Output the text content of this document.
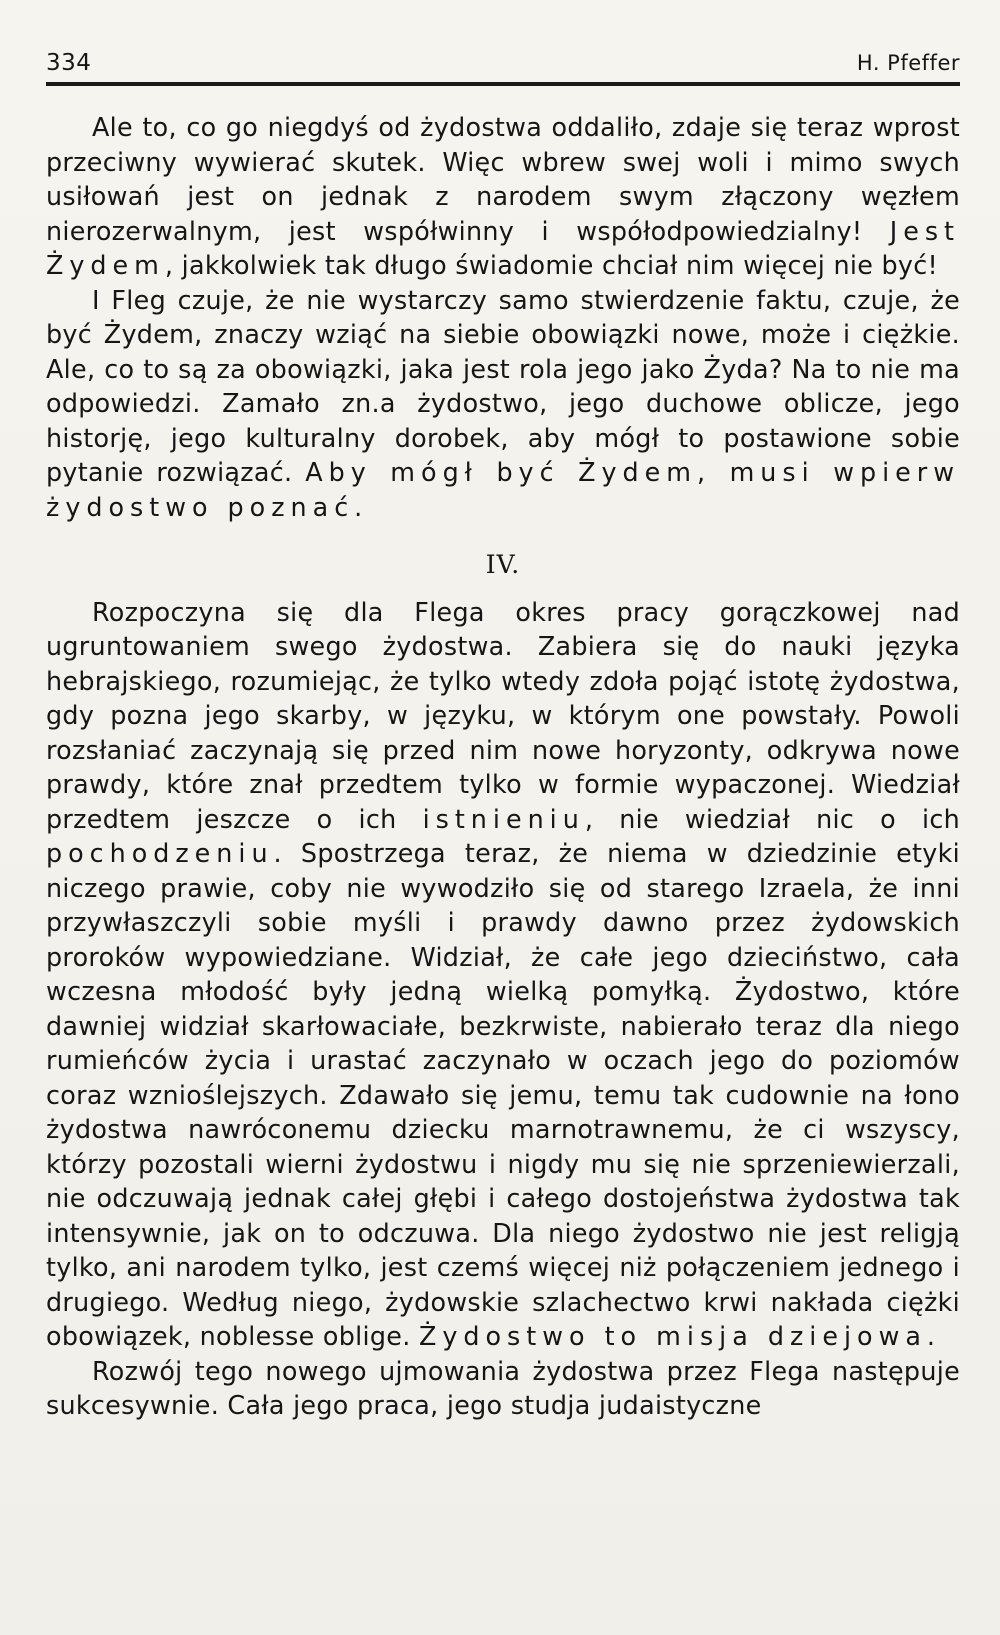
334	H. Pfeffer

Ale to, co go niegdyś od żydostwa oddaliło, zdaje się teraz wprost przeciwny wywierać skutek. Więc wbrew swej woli i mimo swych usiłowań jest on jednak z narodem swym złączony węzłem nierozerwalnym, jest współwinny i współodpowiedzialny! Jest Żydem, jakkolwiek tak długo świadomie chciał nim więcej nie być!

I Fleg czuje, że nie wystarczy samo stwierdzenie faktu, czuje, że być Żydem, znaczy wziąć na siebie obowiązki nowe, może i ciężkie. Ale, co to są za obowiązki, jaka jest rola jego jako Żyda? Na to nie ma odpowiedzi. Zamało zn.a żydostwo, jego duchowe oblicze, jego historję, jego kulturalny dorobek, aby mógł to postawione sobie pytanie rozwiązać. Aby mógł być Żydem, musi wpierw żydostwo poznać.

IV.

Rozpoczyna się dla Flega okres pracy gorączkowej nad ugruntowaniem swego żydostwa. Zabiera się do nauki języka hebrajskiego, rozumiejąc, że tylko wtedy zdoła pojąć istotę żydostwa, gdy pozna jego skarby, w języku, w którym one powstały. Powoli rozsłaniać zaczynają się przed nim nowe horyzonty, odkrywa nowe prawdy, które znał przedtem tylko w formie wypaczonej. Wiedział przedtem jeszcze o ich istnieniu, nie wiedział nic o ich pochodzeniu. Spostrzega teraz, że niema w dziedzinie etyki niczego prawie, coby nie wywodziło się od starego Izraela, że inni przywłaszczyli sobie myśli i prawdy dawno przez żydowskich proroków wypowiedziane. Widział, że całe jego dzieciństwo, cała wczesna młodość były jedną wielką pomyłką. Żydostwo, które dawniej widział skarłowaciałe, bezkrwiste, nabierało teraz dla niego rumieńców życia i urastać zaczynało w oczach jego do poziomów coraz wznioślejszych. Zdawało się jemu, temu tak cudownie na łono żydostwa nawróconemu dziecku marnotrawnemu, że ci wszyscy, którzy pozostali wierni żydostwu i nigdy mu się nie sprzeniewierzali, nie odczuwają jednak całej głębi i całego dostojeństwa żydostwa tak intensywnie, jak on to odczuwa. Dla niego żydostwo nie jest religją tylko, ani narodem tylko, jest czemś więcej niż połączeniem jednego i drugiego. Według niego, żydowskie szlachectwo krwi nakłada ciężki obowiązek, noblesse oblige. Żydostwo to misja dziejowa.

Rozwój tego nowego ujmowania żydostwa przez Flega następuje sukcesywnie. Cała jego praca, jego studja judaistyczne
